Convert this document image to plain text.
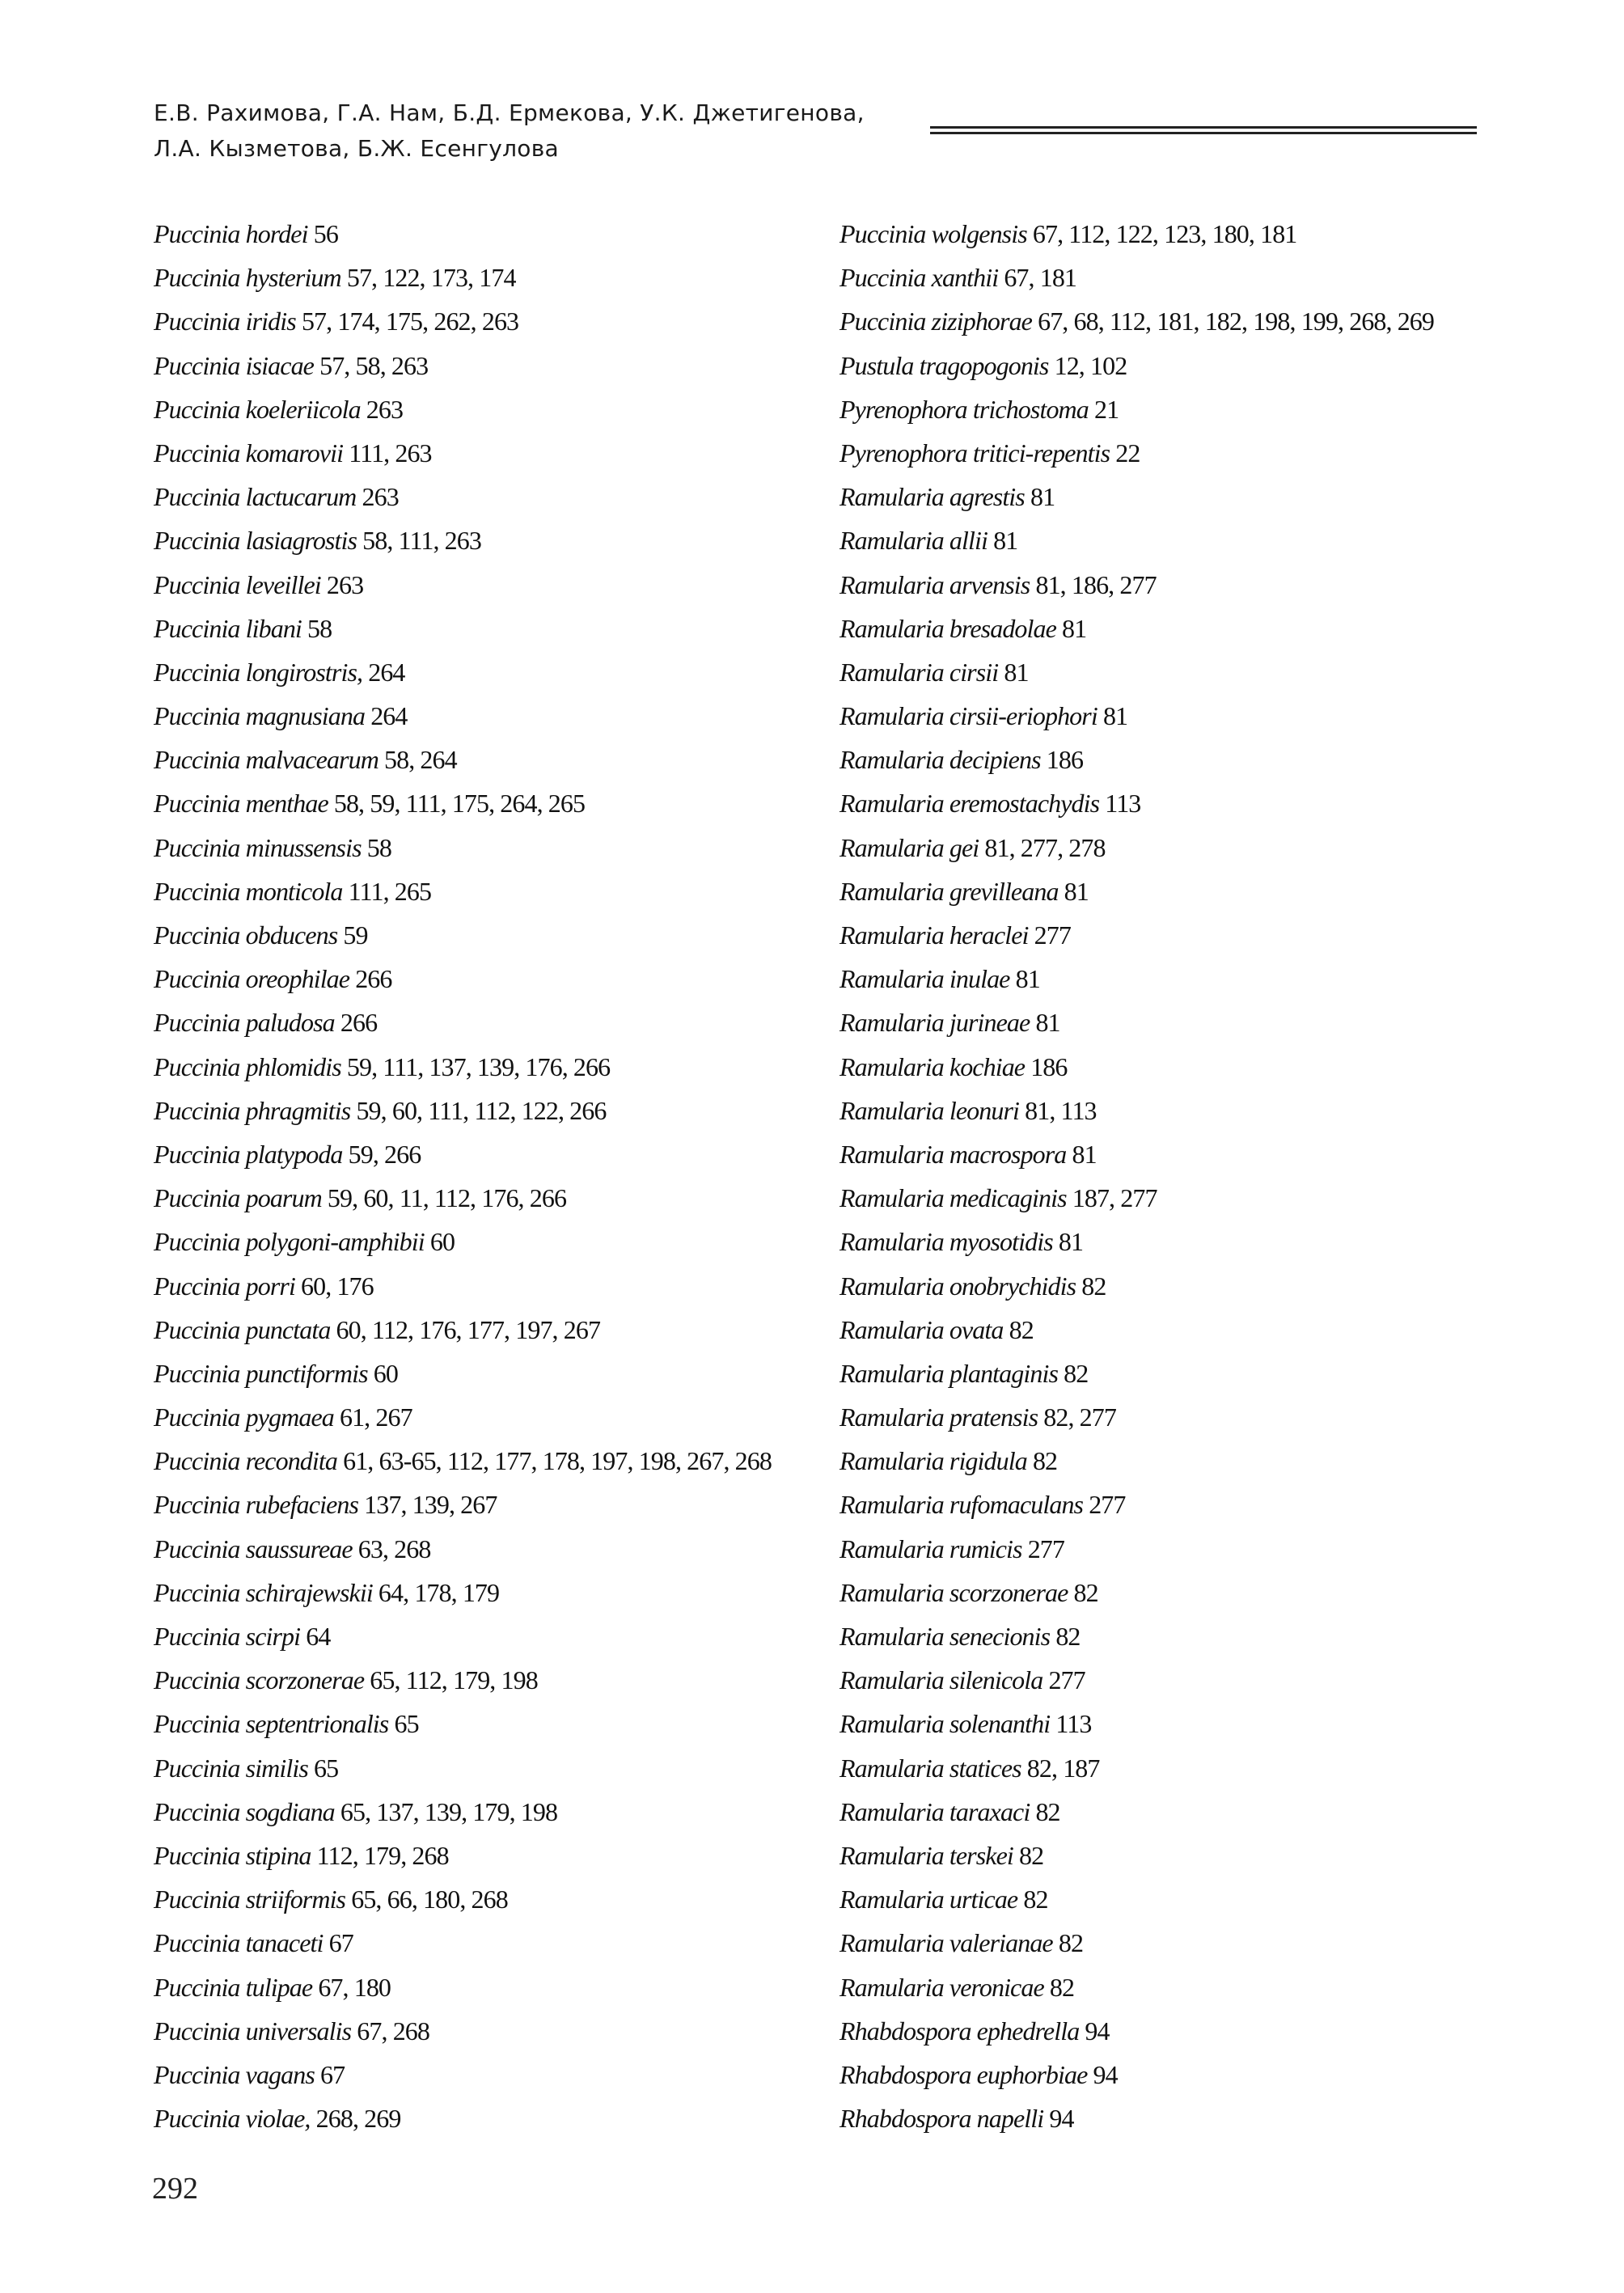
Е.В. Рахимова, Г.А. Нам, Б.Д. Ермекова, У.К. Джетигенова,
Л.А. Кызметова, Б.Ж. Есенгулова
Puccinia hordei 56
Puccinia hysterium 57, 122, 173, 174
Puccinia iridis 57, 174, 175, 262, 263
Puccinia isiacae 57, 58, 263
Puccinia koeleriicola 263
Puccinia komarovii 111, 263
Puccinia lactucarum 263
Puccinia lasiagrostis 58, 111, 263
Puccinia leveillei 263
Puccinia libani 58
Puccinia longirostris, 264
Puccinia magnusiana 264
Puccinia malvacearum 58, 264
Puccinia menthae 58, 59, 111, 175, 264, 265
Puccinia minussensis 58
Puccinia monticola 111, 265
Puccinia obducens 59
Puccinia oreophilae 266
Puccinia paludosa 266
Puccinia phlomidis 59, 111, 137, 139, 176, 266
Puccinia phragmitis 59, 60, 111, 112, 122, 266
Puccinia platypoda 59, 266
Puccinia poarum 59, 60, 11, 112, 176, 266
Puccinia polygoni-amphibii 60
Puccinia porri 60, 176
Puccinia punctata 60, 112, 176, 177, 197, 267
Puccinia punctiformis 60
Puccinia pygmaea 61, 267
Puccinia recondita 61, 63-65, 112, 177, 178, 197, 198, 267, 268
Puccinia rubefaciens 137, 139, 267
Puccinia saussureae 63, 268
Puccinia schirajewskii 64, 178, 179
Puccinia scirpi 64
Puccinia scorzonerae 65, 112, 179, 198
Puccinia septentrionalis 65
Puccinia similis 65
Puccinia sogdiana 65, 137, 139, 179, 198
Puccinia stipina 112, 179, 268
Puccinia striiformis 65, 66, 180, 268
Puccinia tanaceti 67
Puccinia tulipae 67, 180
Puccinia universalis 67, 268
Puccinia vagans 67
Puccinia violae, 268, 269
Puccinia wolgensis 67, 112, 122, 123, 180, 181
Puccinia xanthii 67, 181
Puccinia ziziphorae 67, 68, 112, 181, 182, 198, 199, 268, 269
Pustula tragopogonis 12, 102
Pyrenophora trichostoma 21
Pyrenophora tritici-repentis 22
Ramularia agrestis 81
Ramularia allii 81
Ramularia arvensis 81, 186, 277
Ramularia bresadolae 81
Ramularia cirsii 81
Ramularia cirsii-eriophori 81
Ramularia decipiens 186
Ramularia eremostachydis 113
Ramularia gei 81, 277, 278
Ramularia grevilleana 81
Ramularia heraclei 277
Ramularia inulae 81
Ramularia jurineae 81
Ramularia kochiae 186
Ramularia leonuri 81, 113
Ramularia macrospora 81
Ramularia medicaginis 187, 277
Ramularia myosotidis 81
Ramularia onobrychidis 82
Ramularia ovata 82
Ramularia plantaginis 82
Ramularia pratensis 82, 277
Ramularia rigidula 82
Ramularia rufomaculans 277
Ramularia rumicis 277
Ramularia scorzonerae 82
Ramularia senecionis 82
Ramularia silenicola 277
Ramularia solenanthi 113
Ramularia statices 82, 187
Ramularia taraxaci 82
Ramularia terskei 82
Ramularia urticae 82
Ramularia valerianae 82
Ramularia veronicae 82
Rhabdospora ephedrella 94
Rhabdospora euphorbiae 94
Rhabdospora napelli 94
292
